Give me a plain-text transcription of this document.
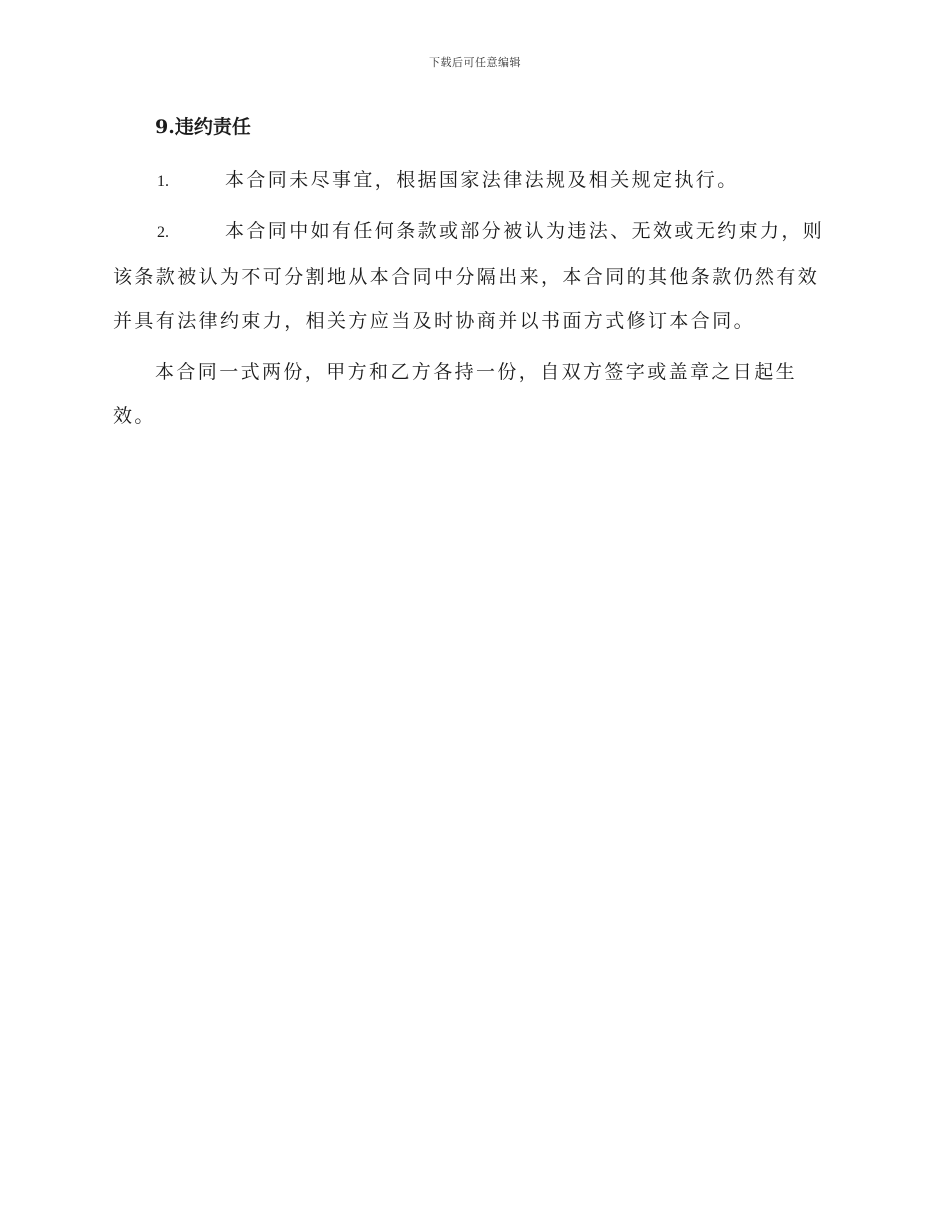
下载后可任意编辑
9.违约责任
1.	本合同未尽事宜，根据国家法律法规及相关规定执行。
2.	本合同中如有任何条款或部分被认为违法、无效或无约束力，则
该条款被认为不可分割地从本合同中分隔出来，本合同的其他条款仍然有效
并具有法律约束力，相关方应当及时协商并以书面方式修订本合同。
本合同一式两份，甲方和乙方各持一份，自双方签字或盖章之日起生效。
